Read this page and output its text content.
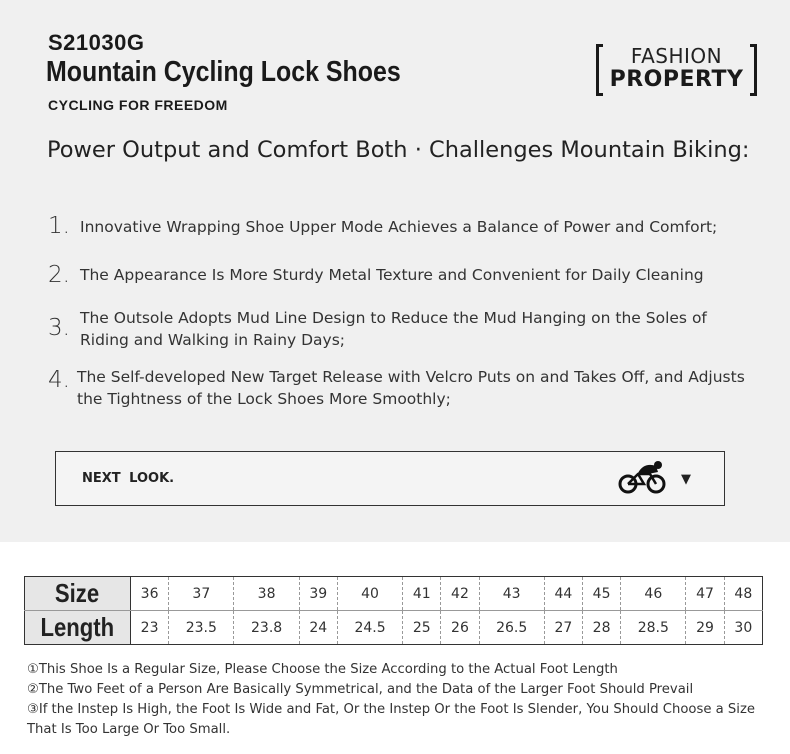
S21030G
Mountain Cycling Lock Shoes
CYCLING FOR FREEDOM
FASHION
PROPERTY
Power Output and Comfort Both · Challenges Mountain Biking:
1. Innovative Wrapping Shoe Upper Mode Achieves a Balance of Power and Comfort;
2. The Appearance Is More Sturdy Metal Texture and Convenient for Daily Cleaning
3. The Outsole Adopts Mud Line Design to Reduce the Mud Hanging on the Soles of
Riding and Walking in Rainy Days;
4. The Self-developed New Target Release with Velcro Puts on and Takes Off, and Adjusts
the Tightness of the Lock Shoes More Smoothly;
NEXT LOOK.	▼
Size	36	37	38	39	40	41	42	43	44	45	46	47	48
Length	23	23.5	23.8	24	24.5	25	26	26.5	27	28	28.5	29	30
①This Shoe Is a Regular Size, Please Choose the Size According to the Actual Foot Length
②The Two Feet of a Person Are Basically Symmetrical, and the Data of the Larger Foot Should Prevail
③If the Instep Is High, the Foot Is Wide and Fat, Or the Instep Or the Foot Is Slender, You Should Choose a Size
That Is Too Large Or Too Small.
